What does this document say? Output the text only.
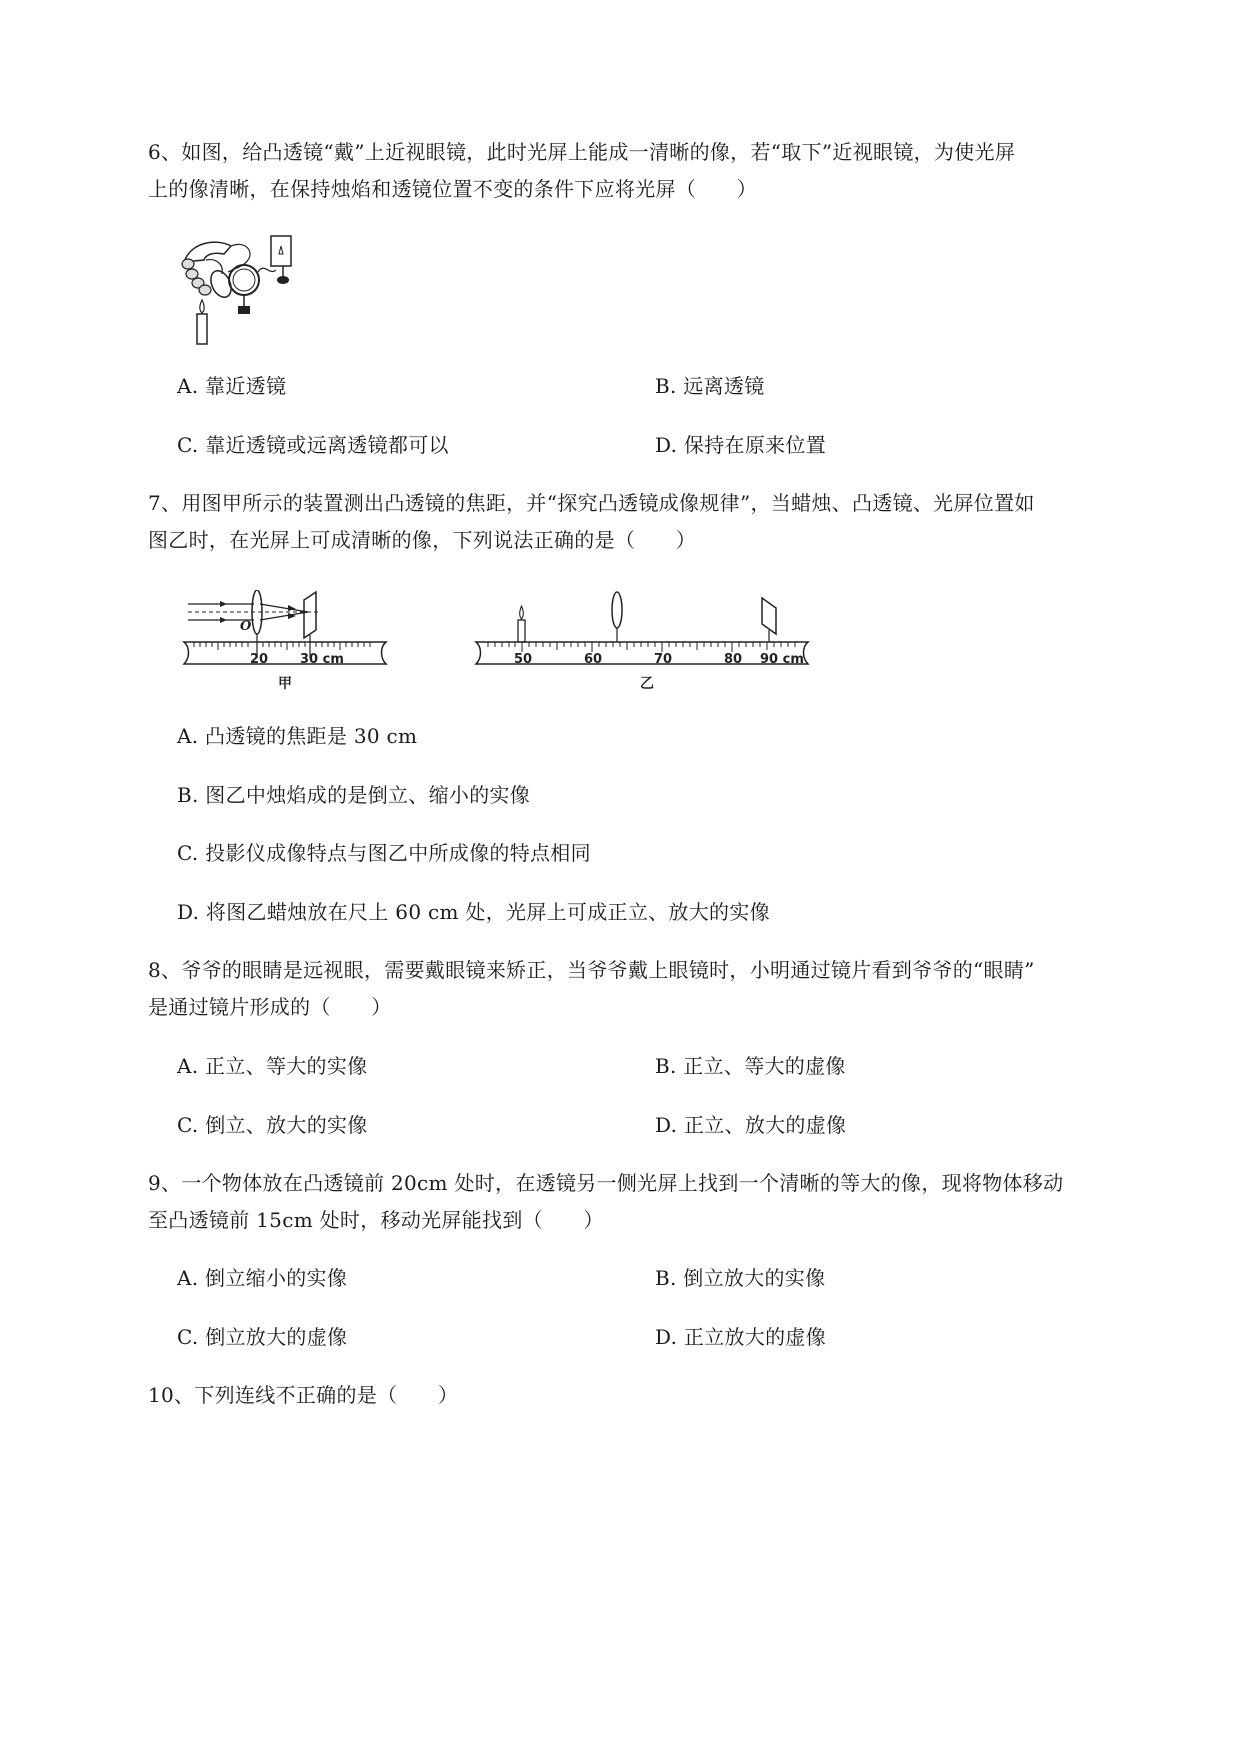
6、如图，给凸透镜“戴”上近视眼镜，此时光屏上能成一清晰的像，若“取下”近视眼镜，为使光屏
上的像清晰，在保持烛焰和透镜位置不变的条件下应将光屏（　　）
A. 靠近透镜	B. 远离透镜
C. 靠近透镜或远离透镜都可以	D. 保持在原来位置
7、用图甲所示的装置测出凸透镜的焦距，并“探究凸透镜成像规律”，当蜡烛、凸透镜、光屏位置如
图乙时，在光屏上可成清晰的像，下列说法正确的是（　　）
O
20 30 cm
甲
50	60	70	80 90 cm
乙
A. 凸透镜的焦距是 30 cm
B. 图乙中烛焰成的是倒立、缩小的实像
C. 投影仪成像特点与图乙中所成像的特点相同
D. 将图乙蜡烛放在尺上 60 cm 处，光屏上可成正立、放大的实像
8、爷爷的眼睛是远视眼，需要戴眼镜来矫正，当爷爷戴上眼镜时，小明通过镜片看到爷爷的“眼睛”
是通过镜片形成的（　　）
A. 正立、等大的实像	B. 正立、等大的虚像
C. 倒立、放大的实像	D. 正立、放大的虚像
9、一个物体放在凸透镜前 20cm 处时，在透镜另一侧光屏上找到一个清晰的等大的像，现将物体移动
至凸透镜前 15cm 处时，移动光屏能找到（　　）
A. 倒立缩小的实像	B. 倒立放大的实像
C. 倒立放大的虚像	D. 正立放大的虚像
10、下列连线不正确的是（　　）
